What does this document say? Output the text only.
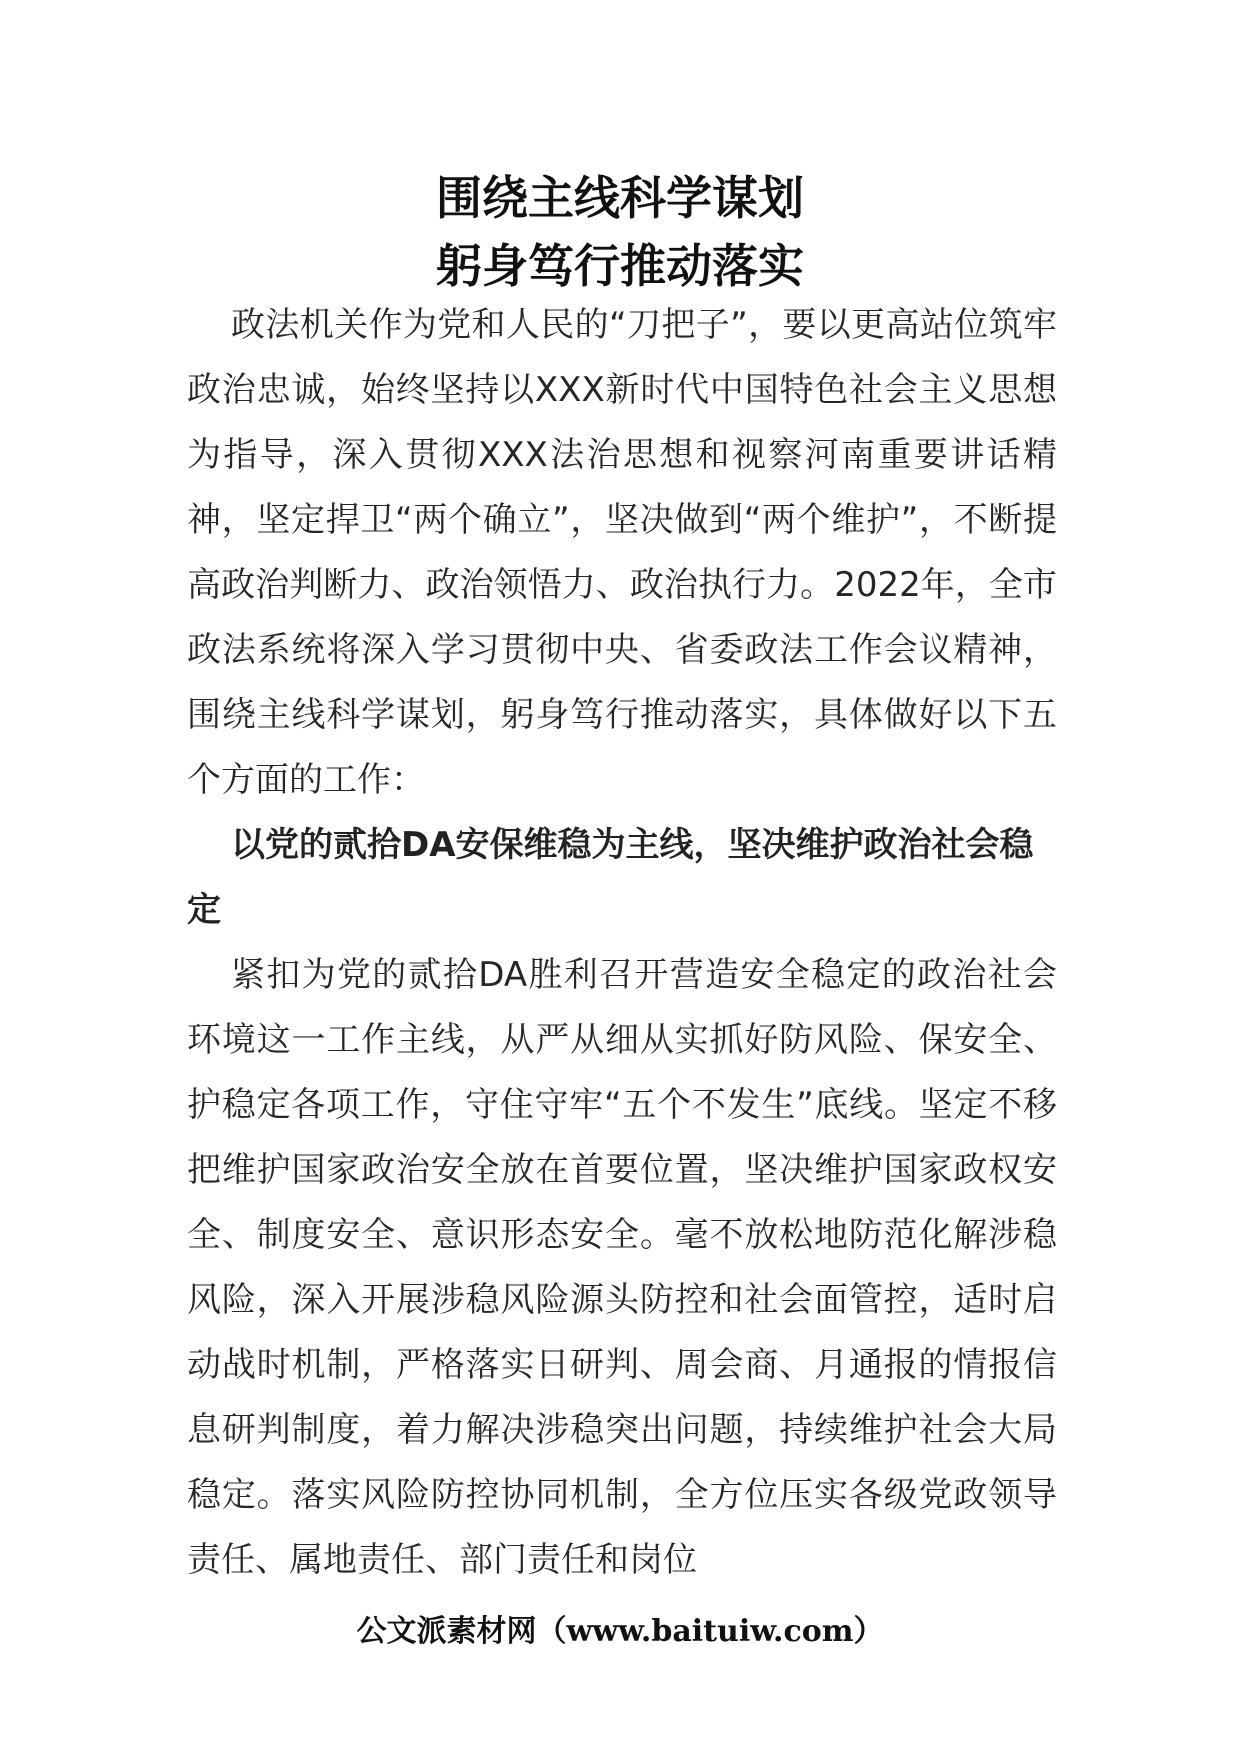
围绕主线科学谋划
躬身笃行推动落实
政法机关作为党和人民的“刀把子”，要以更高站位筑牢政治忠诚，始终坚持以XXX新时代中国特色社会主义思想为指导，深入贯彻XXX法治思想和视察河南重要讲话精神，坚定捍卫“两个确立”，坚决做到“两个维护”，不断提高政治判断力、政治领悟力、政治执行力。2022年，全市政法系统将深入学习贯彻中央、省委政法工作会议精神，围绕主线科学谋划，躬身笃行推动落实，具体做好以下五个方面的工作：
以党的贰拾DA安保维稳为主线，坚决维护政治社会稳定
紧扣为党的贰拾DA胜利召开营造安全稳定的政治社会环境这一工作主线，从严从细从实抓好防风险、保安全、护稳定各项工作，守住守牢“五个不发生”底线。坚定不移把维护国家政治安全放在首要位置，坚决维护国家政权安全、制度安全、意识形态安全。毫不放松地防范化解涉稳风险，深入开展涉稳风险源头防控和社会面管控，适时启动战时机制，严格落实日研判、周会商、月通报的情报信息研判制度，着力解决涉稳突出问题，持续维护社会大局稳定。落实风险防控协同机制，全方位压实各级党政领导责任、属地责任、部门责任和岗位
公文派素材网（www.baituiw.com）
